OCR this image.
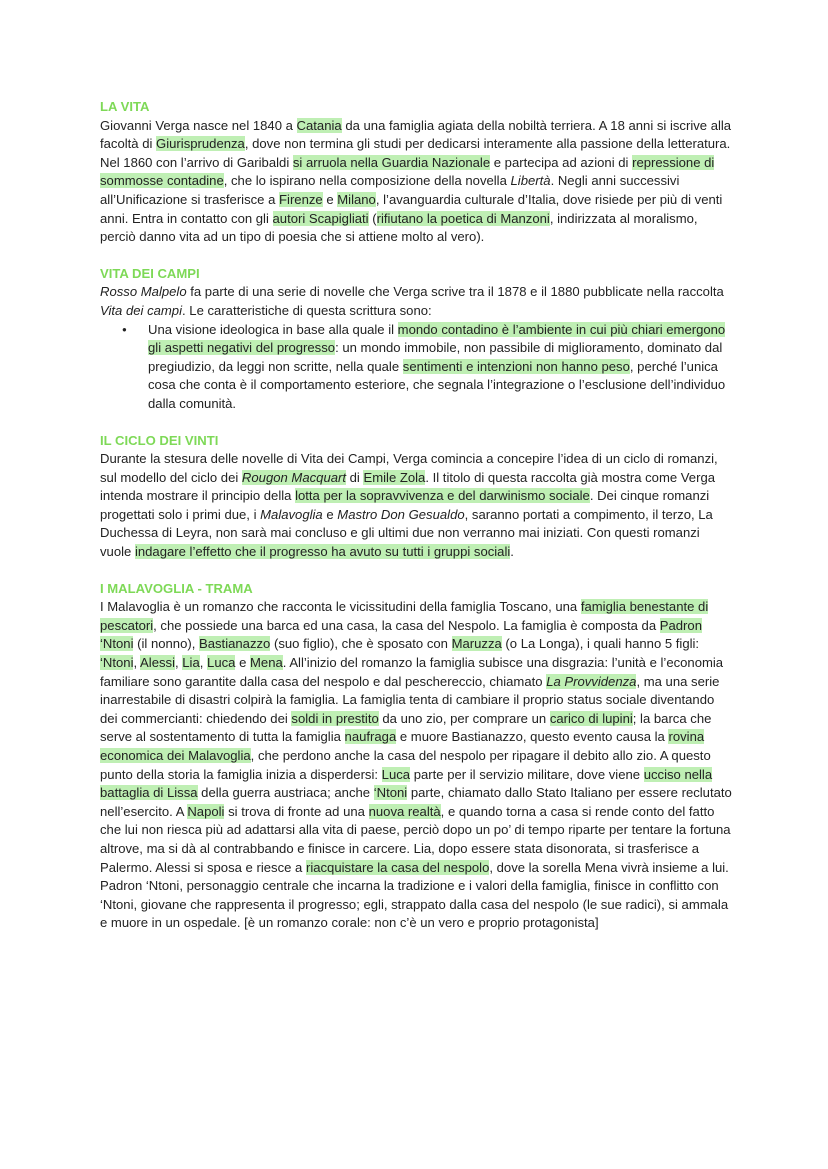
LA VITA

Giovanni Verga nasce nel 1840 a Catania da una famiglia agiata della nobiltà terriera. A 18 anni si iscrive alla facoltà di Giurisprudenza, dove non termina gli studi per dedicarsi interamente alla passione della letteratura. Nel 1860 con l’arrivo di Garibaldi si arruola nella Guardia Nazionale e partecipa ad azioni di repressione di sommosse contadine, che lo ispirano nella composizione della novella Libertà. Negli anni successivi all’Unificazione si trasferisce a Firenze e Milano, l’avanguardia culturale d’Italia, dove risiede per più di venti anni. Entra in contatto con gli autori Scapigliati (rifiutano la poetica di Manzoni, indirizzata al moralismo, perciò danno vita ad un tipo di poesia che si attiene molto al vero).

VITA DEI CAMPI

Rosso Malpelo fa parte di una serie di novelle che Verga scrive tra il 1878 e il 1880 pubblicate nella raccolta Vita dei campi. Le caratteristiche di questa scrittura sono:

● Una visione ideologica in base alla quale il mondo contadino è l’ambiente in cui più chiari emergono gli aspetti negativi del progresso: un mondo immobile, non passibile di miglioramento, dominato dal pregiudizio, da leggi non scritte, nella quale sentimenti e intenzioni non hanno peso, perché l’unica cosa che conta è il comportamento esteriore, che segnala l’integrazione o l’esclusione dell’individuo dalla comunità.
IL CICLO DEI VINTI

Durante la stesura delle novelle di Vita dei Campi, Verga comincia a concepire l’idea di un ciclo di romanzi, sul modello del ciclo dei Rougon Macquart di Emile Zola. Il titolo di questa raccolta già mostra come Verga intenda mostrare il principio della lotta per la sopravvivenza e del darwinismo sociale. Dei cinque romanzi progettati solo i primi due, i Malavoglia e Mastro Don Gesualdo, saranno portati a compimento, il terzo, La Duchessa di Leyra, non sarà mai concluso e gli ultimi due non verranno mai iniziati. Con questi romanzi vuole indagare l’effetto che il progresso ha avuto su tutti i gruppi sociali.

I MALAVOGLIA - TRAMA

I Malavoglia è un romanzo che racconta le vicissitudini della famiglia Toscano, una famiglia benestante di pescatori, che possiede una barca ed una casa, la casa del Nespolo. La famiglia è composta da Padron ‘Ntoni (il nonno), Bastianazzo (suo figlio), che è sposato con Maruzza (o La Longa), i quali hanno 5 figli: ‘Ntoni, Alessi, Lia, Luca e Mena. All’inizio del romanzo la famiglia subisce una disgrazia: l’unità e l’economia familiare sono garantite dalla casa del nespolo e dal peschereccio, chiamato La Provvidenza, ma una serie inarrestabile di disastri colpirà la famiglia. La famiglia tenta di cambiare il proprio status sociale diventando dei commercianti: chiedendo dei soldi in prestito da uno zio, per comprare un carico di lupini; la barca che serve al sostentamento di tutta la famiglia naufraga e muore Bastianazzo, questo evento causa la rovina economica dei Malavoglia, che perdono anche la casa del nespolo per ripagare il debito allo zio. A questo punto della storia la famiglia inizia a disperdersi: Luca parte per il servizio militare, dove viene ucciso nella battaglia di Lissa della guerra austriaca; anche ‘Ntoni parte, chiamato dallo Stato Italiano per essere reclutato nell’esercito. A Napoli si trova di fronte ad una nuova realtà, e quando torna a casa si rende conto del fatto che lui non riesca più ad adattarsi alla vita di paese, perciò dopo un po’ di tempo riparte per tentare la fortuna altrove, ma si dà al contrabbando e finisce in carcere. Lia, dopo essere stata disonorata, si trasferisce a Palermo. Alessi si sposa e riesce a riacquistare la casa del nespolo, dove la sorella Mena vivrà insieme a lui. Padron ‘Ntoni, personaggio centrale che incarna la tradizione e i valori della famiglia, finisce in conflitto con ‘Ntoni, giovane che rappresenta il progresso; egli, strappato dalla casa del nespolo (le sue radici), si ammala e muore in un ospedale. [è un romanzo corale: non c’è un vero e proprio protagonista]
